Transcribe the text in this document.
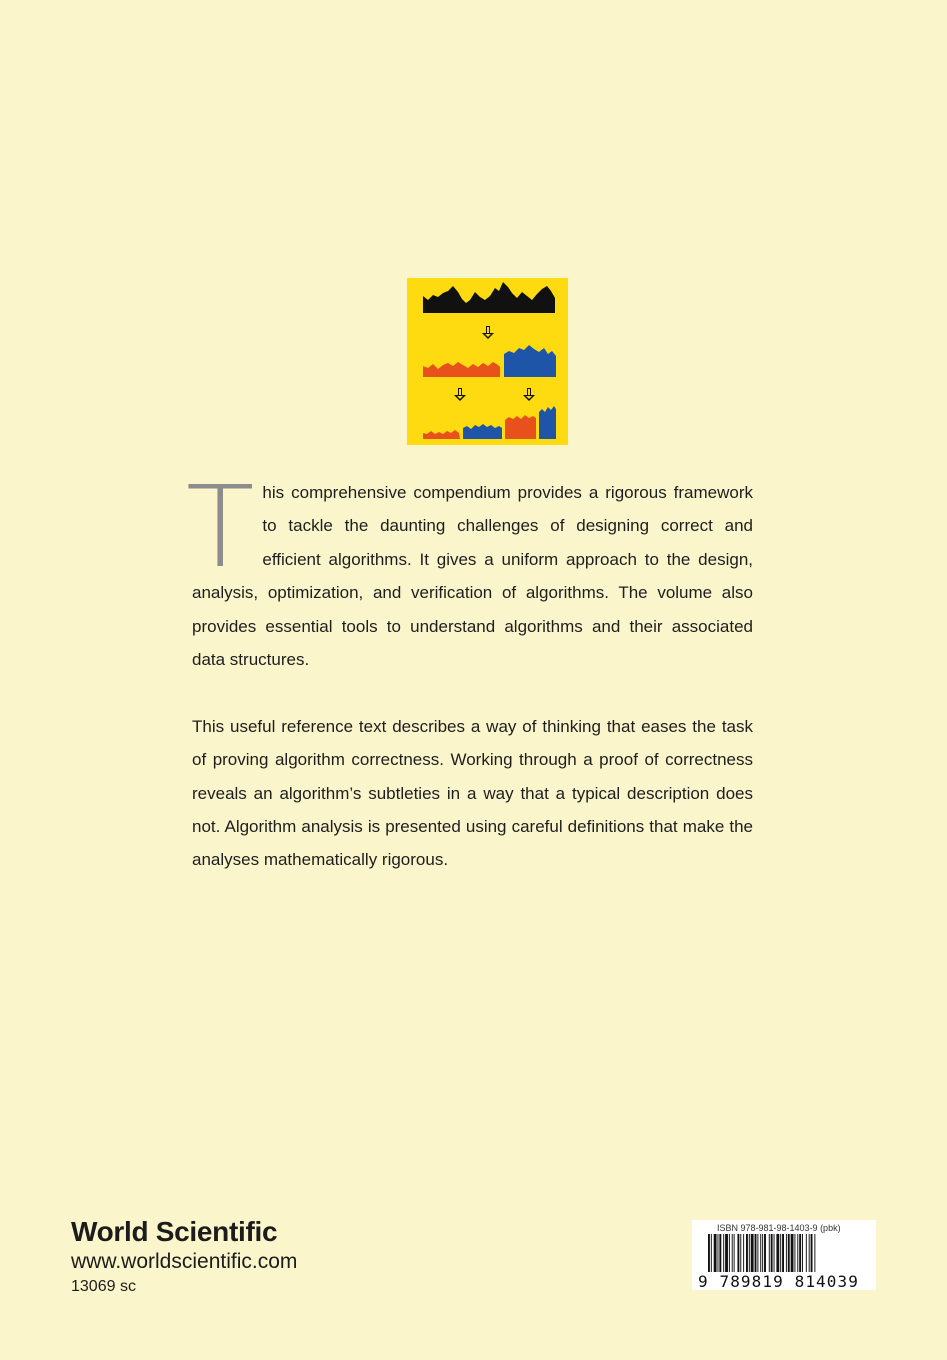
This comprehensive compendium provides a rigorous framework to tackle the daunting challenges of designing correct and efficient algorithms. It gives a uniform approach to the design, analysis, optimization, and verification of algorithms. The volume also provides essential tools to understand algorithms and their associated data structures.

This useful reference text describes a way of thinking that eases the task of proving algorithm correctness. Working through a proof of correctness reveals an algorithm’s subtleties in a way that a typical description does not. Algorithm analysis is presented using careful definitions that make the analyses mathematically rigorous.

World Scientific
www.worldscientific.com
13069 sc
ISBN 978-981-98-1403-9 (pbk)
9 789819 814039
